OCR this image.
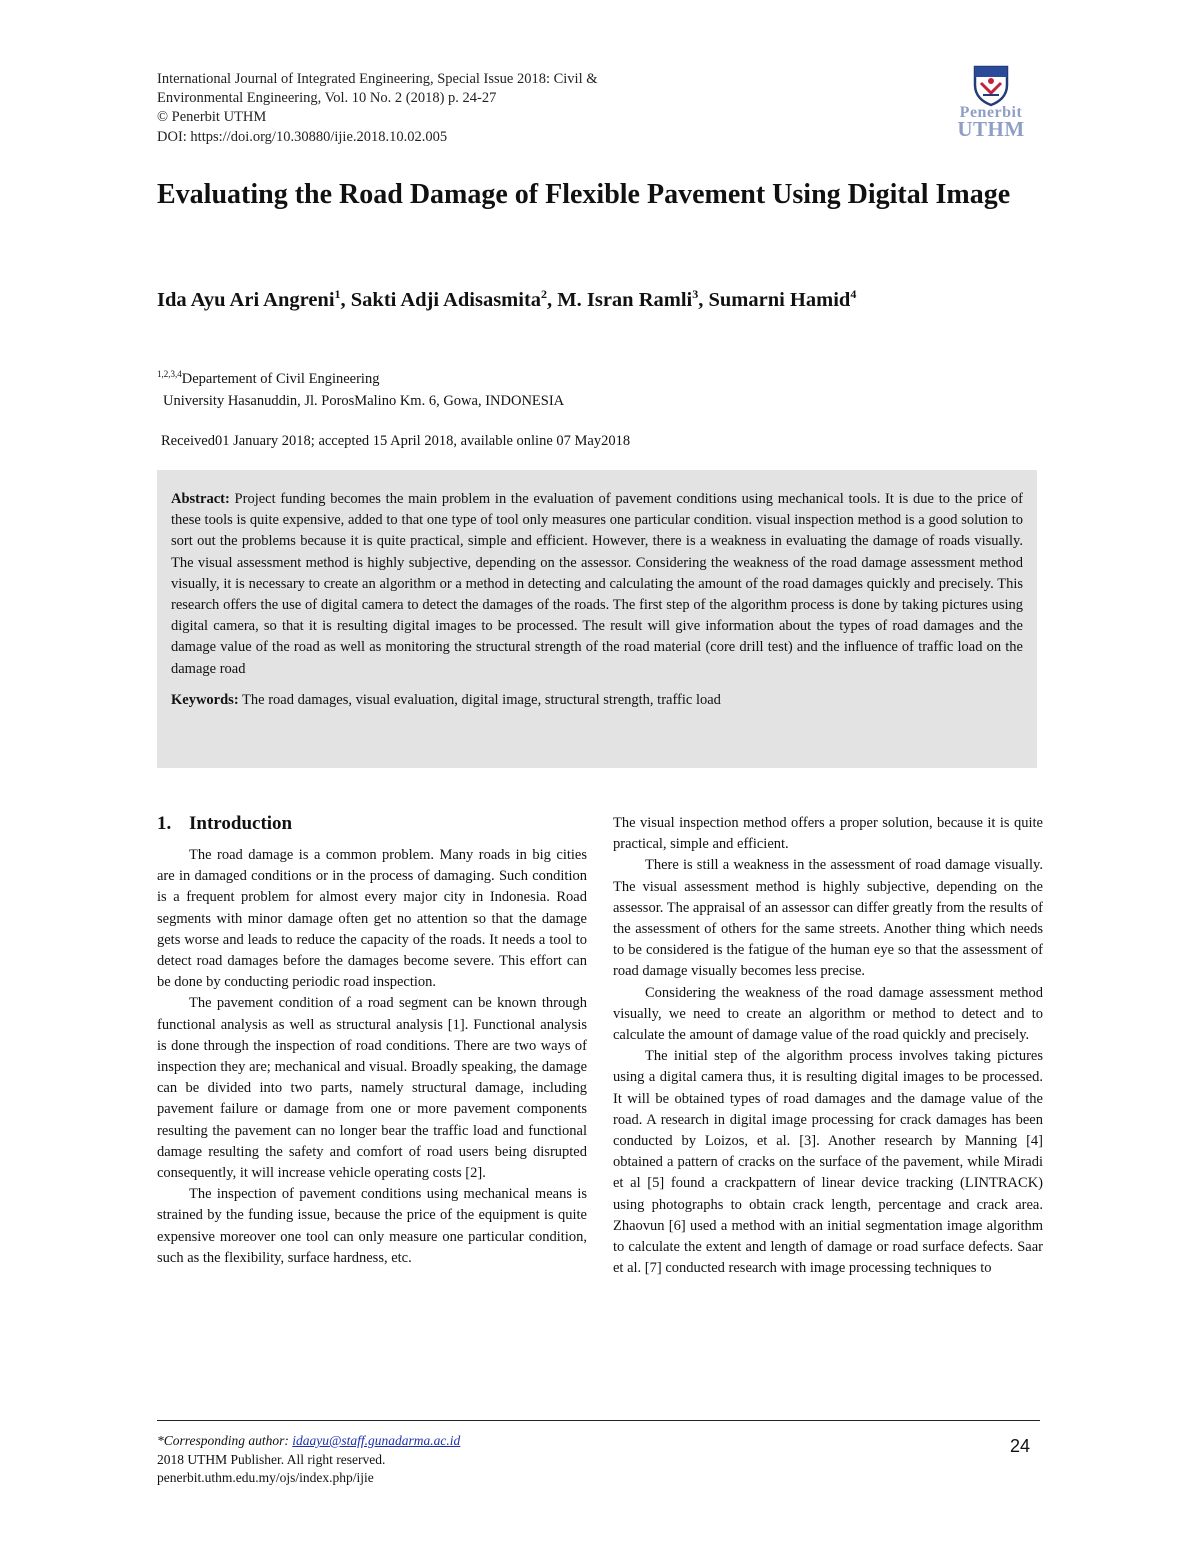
International Journal of Integrated Engineering, Special Issue 2018: Civil &
Environmental Engineering, Vol. 10 No. 2 (2018) p. 24-27
© Penerbit UTHM
DOI: https://doi.org/10.30880/ijie.2018.10.02.005
Penerbit
UTHM
Evaluating the Road Damage of Flexible Pavement Using Digital Image
Ida Ayu Ari Angreni$^1$, Sakti Adji Adisasmita$^2$, M. Isran Ramli$^3$, Sumarni Hamid$^4$
$^{1,2,3,4}$Departement of Civil Engineering
University Hasanuddin, Jl. PorosMalino Km. 6, Gowa, INDONESIA
Received01 January 2018; accepted 15 April 2018, available online 07 May2018

Abstract: Project funding becomes the main problem in the evaluation of pavement conditions using mechanical tools. It is due to the price of these tools is quite expensive, added to that one type of tool only measures one particular condition. visual inspection method is a good solution to sort out the problems because it is quite practical, simple and efficient. However, there is a weakness in evaluating the damage of roads visually. The visual assessment method is highly subjective, depending on the assessor. Considering the weakness of the road damage assessment method visually, it is necessary to create an algorithm or a method in detecting and calculating the amount of the road damages quickly and precisely. This research offers the use of digital camera to detect the damages of the roads. The first step of the algorithm process is done by taking pictures using digital camera, so that it is resulting digital images to be processed. The result will give information about the types of road damages and the damage value of the road as well as monitoring the structural strength of the road material (core drill test) and the influence of traffic load on the damage road

Keywords: The road damages, visual evaluation, digital image, structural strength, traffic load

1. Introduction

The road damage is a common problem. Many roads in big cities are in damaged conditions or in the process of damaging. Such condition is a frequent problem for almost every major city in Indonesia. Road segments with minor damage often get no attention so that the damage gets worse and leads to reduce the capacity of the roads. It needs a tool to detect road damages before the damages become severe. This effort can be done by conducting periodic road inspection.

The pavement condition of a road segment can be known through functional analysis as well as structural analysis [1]. Functional analysis is done through the inspection of road conditions. There are two ways of inspection they are; mechanical and visual. Broadly speaking, the damage can be divided into two parts, namely structural damage, including pavement failure or damage from one or more pavement components resulting the pavement can no longer bear the traffic load and functional damage resulting the safety and comfort of road users being disrupted consequently, it will increase vehicle operating costs [2].

The inspection of pavement conditions using mechanical means is strained by the funding issue, because the price of the equipment is quite expensive moreover one tool can only measure one particular condition, such as the flexibility, surface hardness, etc.

The visual inspection method offers a proper solution, because it is quite practical, simple and efficient.

There is still a weakness in the assessment of road damage visually. The visual assessment method is highly subjective, depending on the assessor. The appraisal of an assessor can differ greatly from the results of the assessment of others for the same streets. Another thing which needs to be considered is the fatigue of the human eye so that the assessment of road damage visually becomes less precise.

Considering the weakness of the road damage assessment method visually, we need to create an algorithm or method to detect and to calculate the amount of damage value of the road quickly and precisely.

The initial step of the algorithm process involves taking pictures using a digital camera thus, it is resulting digital images to be processed. It will be obtained types of road damages and the damage value of the road. A research in digital image processing for crack damages has been conducted by Loizos, et al. [3]. Another research by Manning [4] obtained a pattern of cracks on the surface of the pavement, while Miradi et al [5] found a crackpattern of linear device tracking (LINTRACK) using photographs to obtain crack length, percentage and crack area. Zhaovun [6] used a method with an initial segmentation image algorithm to calculate the extent and length of damage or road surface defects. Saar et al. [7] conducted research with image processing techniques to

*Corresponding author: idaayu@staff.gunadarma.ac.id
2018 UTHM Publisher. All right reserved.
penerbit.uthm.edu.my/ojs/index.php/ijie
24
